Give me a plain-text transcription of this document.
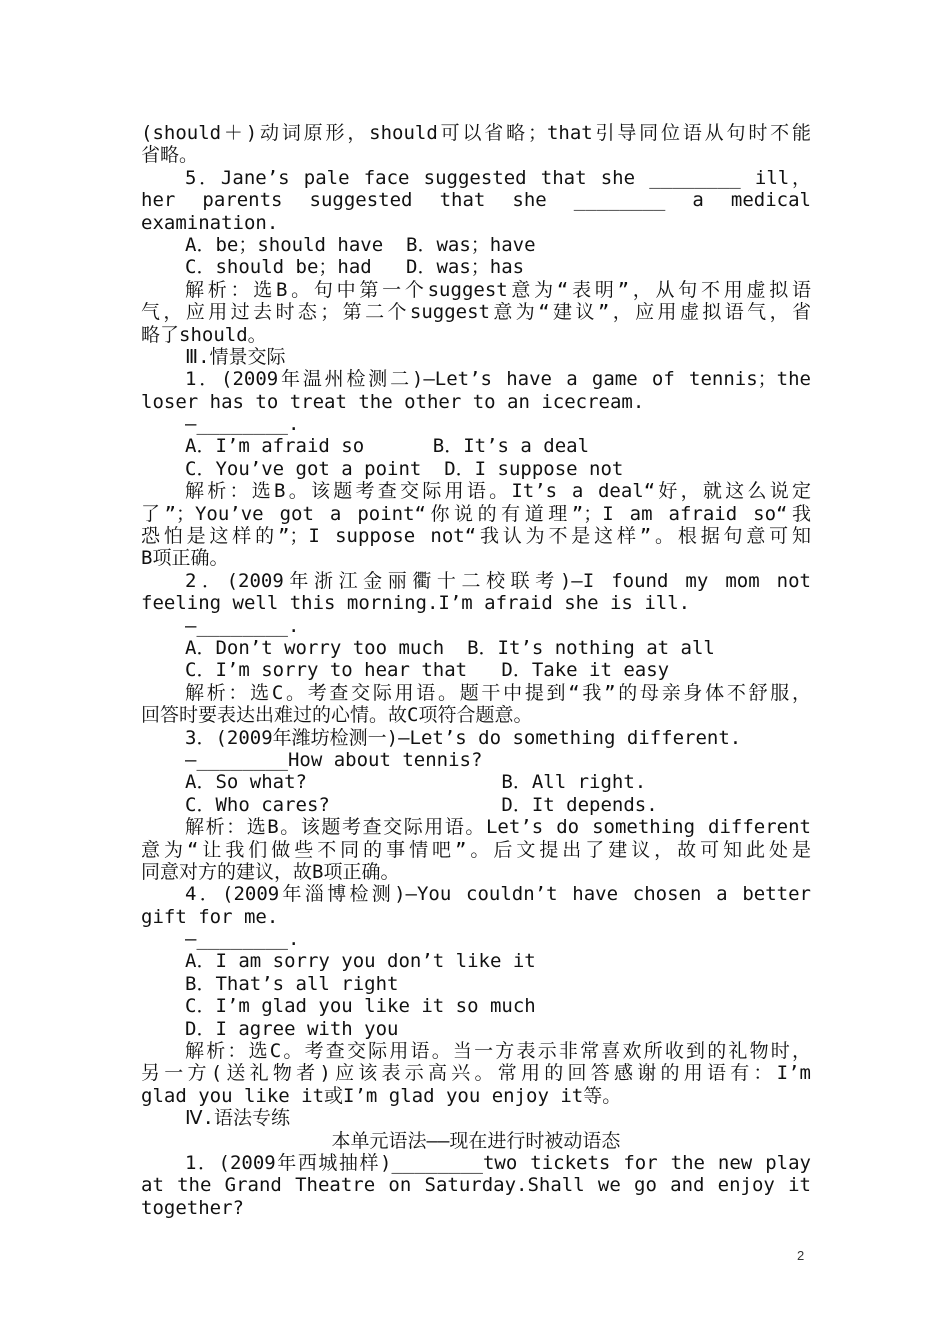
(should＋)动词原形，should可以省略；that引导同位语从句时不能
省略。
5．Jane’s pale face suggested that she ________ ill，
her parents suggested that she ________ a medical
examination.
A．be；should have  B．was；have
C．should be；had   D．was；has
解析：选B。句中第一个suggest意为“表明”，从句不用虚拟语
气，应用过去时态；第二个suggest意为“建议”，应用虚拟语气，省
略了should。
Ⅲ.情景交际
1．(2009年温州检测二)—Let’s have a game of tennis；the
loser has to treat the other to an icecream.
—________.
A．I’m afraid so      B．It’s a deal
C．You’ve got a point  D．I suppose not
解析：选B。该题考查交际用语。It’s a deal“好，就这么说定
了”；You’ve got a point“你说的有道理”；I am afraid so“我
恐怕是这样的”；I suppose not“我认为不是这样”。根据句意可知
B项正确。
2．(2009年浙江金丽衢十二校联考)—I found my mom not
feeling well this morning.I’m afraid she is ill.
—________.
A．Don’t worry too much  B．It’s nothing at all
C．I’m sorry to hear that   D．Take it easy
解析：选C。考查交际用语。题干中提到“我”的母亲身体不舒服，
回答时要表达出难过的心情。故C项符合题意。
3．(2009年潍坊检测一)—Let’s do something different.
—________How about tennis?
A．So what?                 B．All right.
C．Who cares?               D．It depends.
解析：选B。该题考查交际用语。Let’s do something different
意为“让我们做些不同的事情吧”。后文提出了建议，故可知此处是
同意对方的建议，故B项正确。
4．(2009年淄博检测)—You couldn’t have chosen a better
gift for me.
—________.
A．I am sorry you don’t like it
B．That’s all right
C．I’m glad you like it so much
D．I agree with you
解析：选C。考查交际用语。当一方表示非常喜欢所收到的礼物时，
另一方(送礼物者)应该表示高兴。常用的回答感谢的用语有：I’m
glad you like it或I’m glad you enjoy it等。
Ⅳ.语法专练
本单元语法——现在进行时被动语态
1．(2009年西城抽样)________two tickets for the new play
at the Grand Theatre on Saturday.Shall we go and enjoy it
together?
2
